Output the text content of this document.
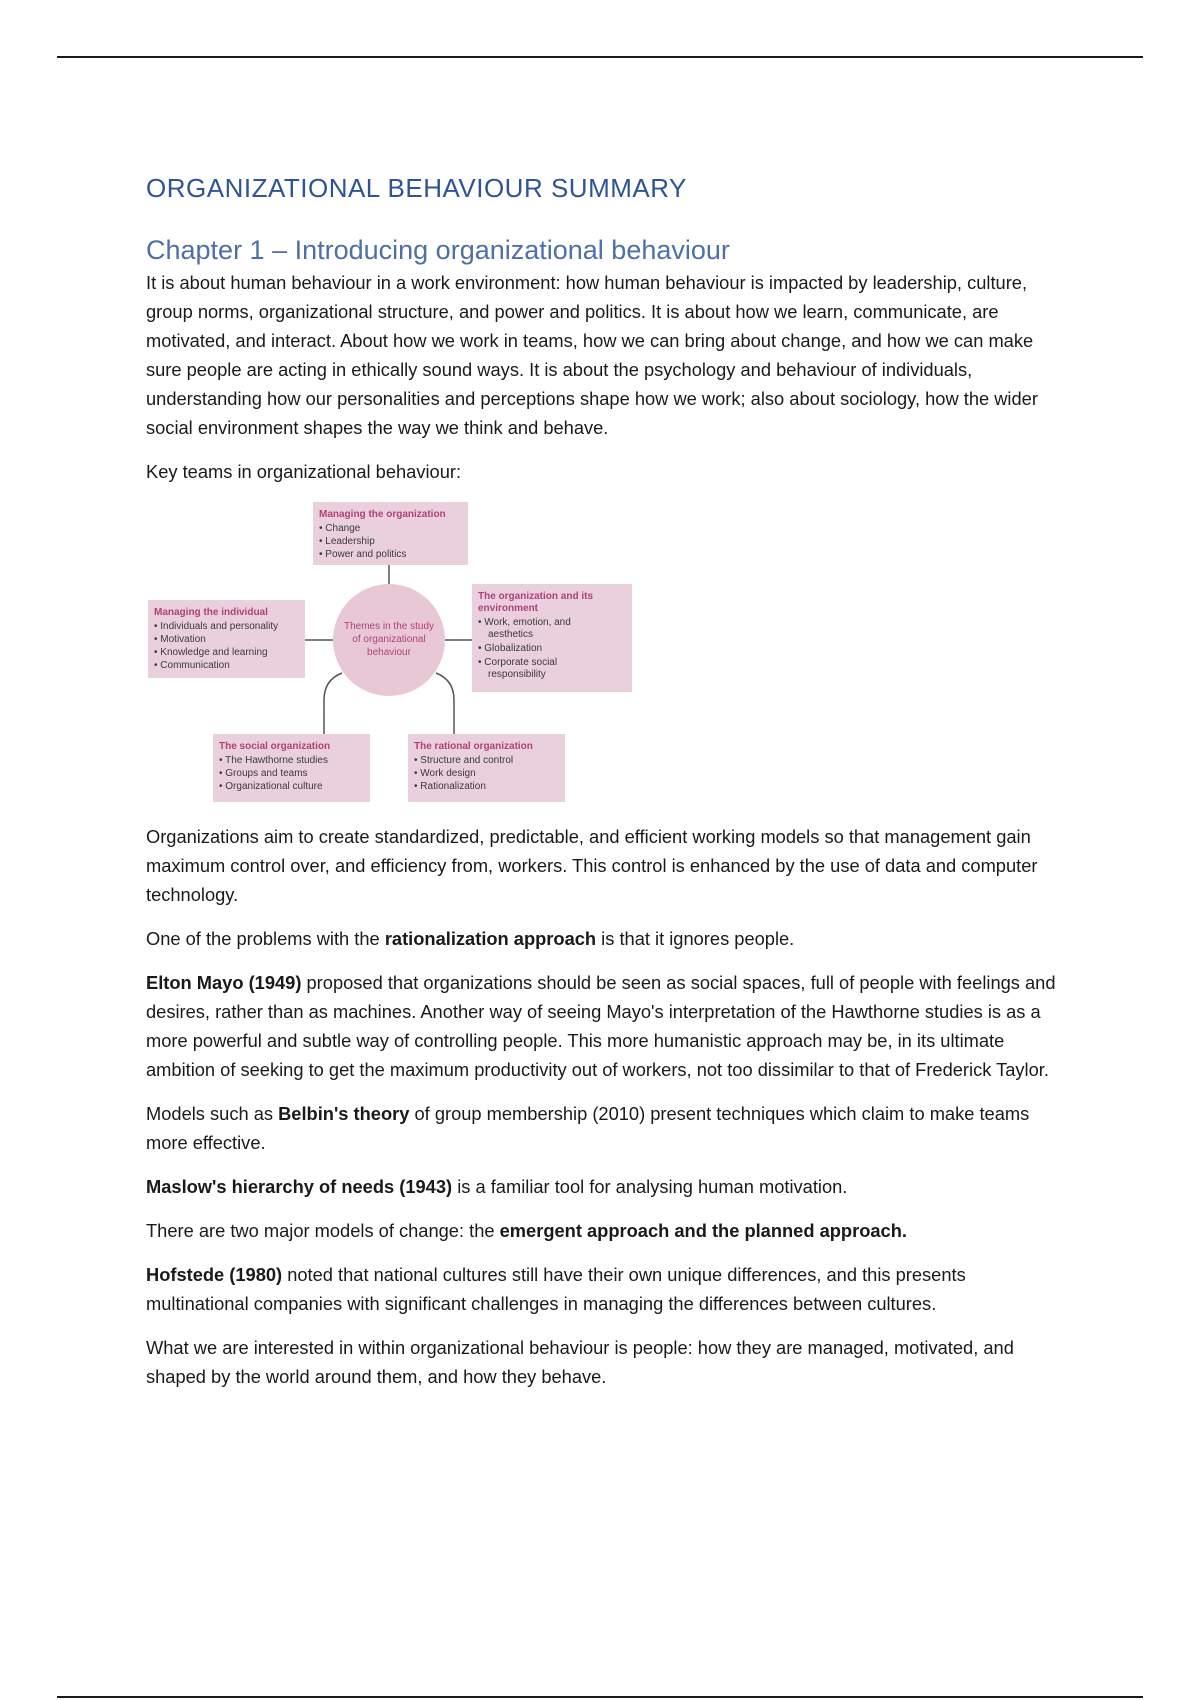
ORGANIZATIONAL BEHAVIOUR SUMMARY
Chapter 1 – Introducing organizational behaviour

It is about human behaviour in a work environment: how human behaviour is impacted by leadership, culture, group norms, organizational structure, and power and politics. It is about how we learn, communicate, are motivated, and interact. About how we work in teams, how we can bring about change, and how we can make sure people are acting in ethically sound ways. It is about the psychology and behaviour of individuals, understanding how our personalities and perceptions shape how we work; also about sociology, how the wider social environment shapes the way we think and behave.

Key teams in organizational behaviour:

Managing the organization
• Change
• Leadership
• Power and politics
Managing the individual
• Individuals and personality
• Motivation
• Knowledge and learning
• Communication
Themes in the study
of organizational
behaviour
The organization and its
environment
• Work, emotion, and
aesthetics
• Globalization
• Corporate social
responsibility
The social organization
• The Hawthorne studies
• Groups and teams
• Organizational culture
The rational organization
• Structure and control
• Work design
• Rationalization

Organizations aim to create standardized, predictable, and efficient working models so that management gain maximum control over, and efficiency from, workers. This control is enhanced by the use of data and computer technology.

One of the problems with the rationalization approach is that it ignores people.

Elton Mayo (1949) proposed that organizations should be seen as social spaces, full of people with feelings and desires, rather than as machines. Another way of seeing Mayo's interpretation of the Hawthorne studies is as a more powerful and subtle way of controlling people. This more humanistic approach may be, in its ultimate ambition of seeking to get the maximum productivity out of workers, not too dissimilar to that of Frederick Taylor.

Models such as Belbin's theory of group membership (2010) present techniques which claim to make teams more effective.

Maslow's hierarchy of needs (1943) is a familiar tool for analysing human motivation.

There are two major models of change: the emergent approach and the planned approach.

Hofstede (1980) noted that national cultures still have their own unique differences, and this presents multinational companies with significant challenges in managing the differences between cultures.

What we are interested in within organizational behaviour is people: how they are managed, motivated, and shaped by the world around them, and how they behave.
